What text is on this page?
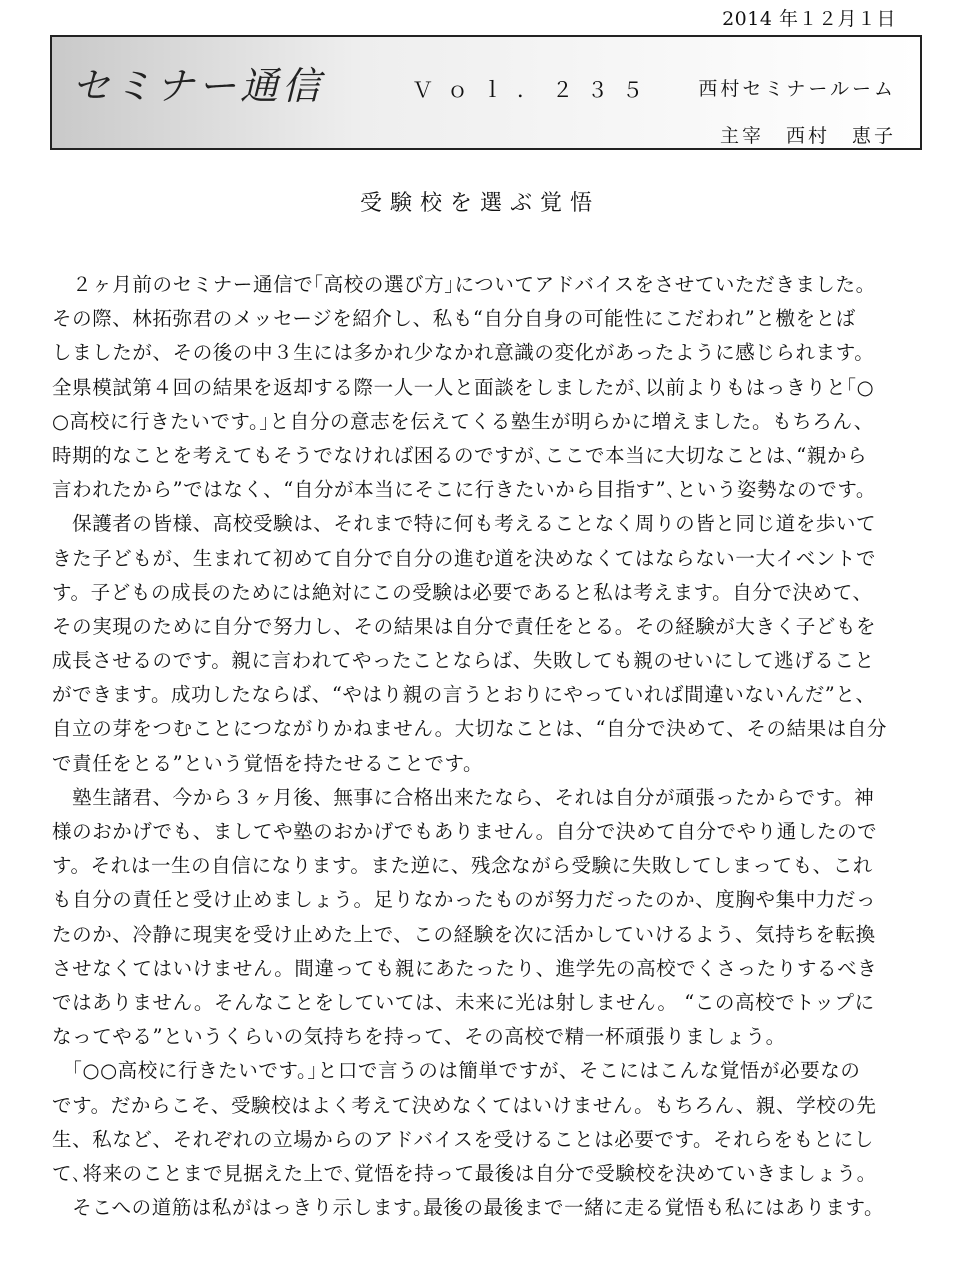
2014 年１２月１日
セミナー通信	Ｖｏｌ．２３５ 西村セミナールーム
主宰　西村　恵子
受験校を選ぶ覚悟
　２ヶ月前のセミナー通信で｢高校の選び方｣についてアドバイスをさせていただきました。
その際、林拓弥君のメッセージを紹介し、私も“自分自身の可能性にこだわれ”と檄をとば
しましたが、その後の中３生には多かれ少なかれ意識の変化があったように感じられます。
全県模試第４回の結果を返却する際一人一人と面談をしましたが､以前よりもはっきりと｢○
○高校に行きたいです。｣と自分の意志を伝えてくる塾生が明らかに増えました。もちろん、
時期的なことを考えてもそうでなければ困るのですが､ここで本当に大切なことは､“親から
言われたから”ではなく、“自分が本当にそこに行きたいから目指す”､という姿勢なのです。
　保護者の皆様、高校受験は、それまで特に何も考えることなく周りの皆と同じ道を歩いて
きた子どもが、生まれて初めて自分で自分の進む道を決めなくてはならない一大イベントで
す。子どもの成長のためには絶対にこの受験は必要であると私は考えます。自分で決めて、
その実現のために自分で努力し、その結果は自分で責任をとる。その経験が大きく子どもを
成長させるのです。親に言われてやったことならば、失敗しても親のせいにして逃げること
ができます。成功したならば、“やはり親の言うとおりにやっていれば間違いないんだ”と、
自立の芽をつむことにつながりかねません。大切なことは、“自分で決めて、その結果は自分
で責任をとる”という覚悟を持たせることです。
　塾生諸君、今から３ヶ月後、無事に合格出来たなら、それは自分が頑張ったからです。神
様のおかげでも、ましてや塾のおかげでもありません。自分で決めて自分でやり通したので
す。それは一生の自信になります。また逆に、残念ながら受験に失敗してしまっても、これ
も自分の責任と受け止めましょう。足りなかったものが努力だったのか、度胸や集中力だっ
たのか、冷静に現実を受け止めた上で、この経験を次に活かしていけるよう、気持ちを転換
させなくてはいけません。間違っても親にあたったり、進学先の高校でくさったりするべき
ではありません。そんなことをしていては、未来に光は射しません。 “この高校でトップに
なってやる”というくらいの気持ちを持って、その高校で精一杯頑張りましょう。
　｢○○高校に行きたいです。｣と口で言うのは簡単ですが、そこにはこんな覚悟が必要なの
です。だからこそ、受験校はよく考えて決めなくてはいけません。もちろん、親、学校の先
生、私など、それぞれの立場からのアドバイスを受けることは必要です。それらをもとにし
て､将来のことまで見据えた上で､覚悟を持って最後は自分で受験校を決めていきましょう。
　そこへの道筋は私がはっきり示します｡最後の最後まで一緒に走る覚悟も私にはあります。
